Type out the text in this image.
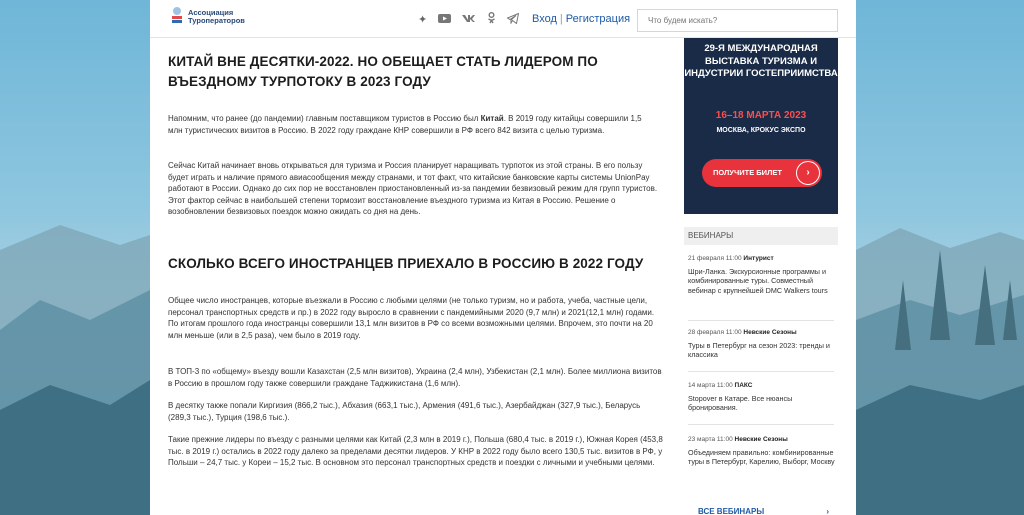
Ассоциация
Туроператоров	✦	Вход | Регистрация
Что будем искать?
КИТАЙ ВНЕ ДЕСЯТКИ-2022. НО ОБЕЩАЕТ СТАТЬ ЛИДЕРОМ ПО ВЪЕЗДНОМУ ТУРПОТОКУ В 2023 ГОДУ
Напомним, что ранее (до пандемии) главным поставщиком туристов в Россию был Китай. В 2019 году китайцы совершили 1,5 млн туристических визитов в Россию. В 2022 году граждане КНР совершили в РФ всего 842 визита с целью туризма.
Сейчас Китай начинает вновь открываться для туризма и Россия планирует наращивать турпоток из этой страны. В его пользу будет играть и наличие прямого авиасообщения между странами, и тот факт, что китайские банковские карты системы UnionPay работают в России. Однако до сих пор не восстановлен приостановленный из-за пандемии безвизовый режим для групп туристов. Этот фактор сейчас в наибольшей степени тормозит восстановление въездного туризма из Китая в Россию. Решение о возобновлении безвизовых поездок можно ожидать со дня на день.
СКОЛЬКО ВСЕГО ИНОСТРАНЦЕВ ПРИЕХАЛО В РОССИЮ В 2022 ГОДУ
Общее число иностранцев, которые въезжали в Россию с любыми целями (не только туризм, но и работа, учеба, частные цели, персонал транспортных средств и пр.) в 2022 году выросло в сравнении с пандемийными 2020 (9,7 млн) и 2021(12,1 млн) годами. По итогам прошлого года иностранцы совершили 13,1 млн визитов в РФ со всеми возможными целями. Впрочем, это почти на 20 млн меньше (или в 2,5 раза), чем было в 2019 году.
В ТОП-3 по «общему» въезду вошли Казахстан (2,5 млн визитов), Украина (2,4 млн), Узбекистан (2,1 млн). Более миллиона визитов в Россию в прошлом году также совершили граждане Таджикистана (1,6 млн).
В десятку также попали Киргизия (866,2 тыс.), Абхазия (663,1 тыс.), Армения (491,6 тыс.), Азербайджан (327,9 тыс.), Беларусь (289,3 тыс.), Турция (198,6 тыс.).
Такие прежние лидеры по въезду с разными целями как Китай (2,3 млн в 2019 г.), Польша (680,4 тыс. в 2019 г.), Южная Корея (453,8 тыс. в 2019 г.) остались в 2022 году далеко за пределами десятки лидеров. У КНР в 2022 году было всего 130,5 тыс. визитов в РФ, у Польши – 24,7 тыс. у Кореи – 15,2 тыс. В основном это персонал транспортных средств и поездки с личными и учебными целями.
29-Я МЕЖДУНАРОДНАЯ ВЫСТАВКА ТУРИЗМА И ИНДУСТРИИ ГОСТЕПРИИМСТВА
16–18 МАРТА 2023
МОСКВА, КРОКУС ЭКСПО
ПОЛУЧИТЕ БИЛЕТ	›
ВЕБИНАРЫ
21 февраля 11:00 Интурист
Шри-Ланка. Экскурсионные программы и комбинированные туры. Совместный вебинар с крупнейшей DMC Walkers tours
28 февраля 11:00 Невские Сезоны
Туры в Петербург на сезон 2023: тренды и классика
14 марта 11:00 ПАКС
Stopover в Катаре. Все нюансы бронирования.
23 марта 11:00 Невские Сезоны
Объединяем правильно: комбинированные туры в Петербург, Карелию, Выборг, Москву
ВСЕ ВЕБИНАРЫ	›
